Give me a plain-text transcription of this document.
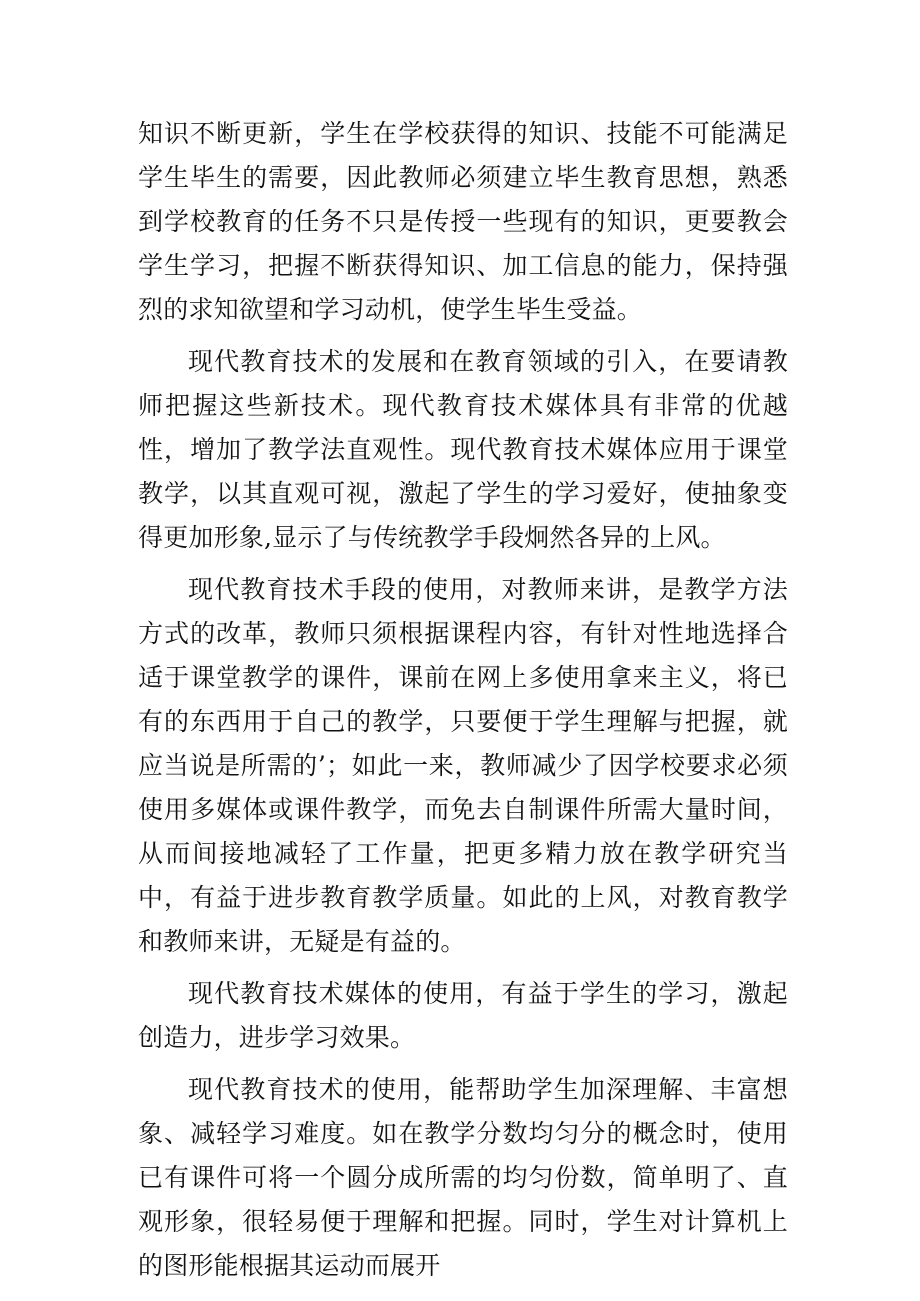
知识不断更新，学生在学校获得的知识、技能不可能满足学生毕生的需要，因此教师必须建立毕生教育思想，熟悉到学校教育的任务不只是传授一些现有的知识，更要教会学生学习，把握不断获得知识、加工信息的能力，保持强烈的求知欲望和学习动机，使学生毕生受益。

现代教育技术的发展和在教育领域的引入，在要请教师把握这些新技术。现代教育技术媒体具有非常的优越性，增加了教学法直观性。现代教育技术媒体应用于课堂教学，以其直观可视，激起了学生的学习爱好，使抽象变得更加形象,显示了与传统教学手段炯然各异的上风。

现代教育技术手段的使用，对教师来讲，是教学方法方式的改革，教师只须根据课程内容，有针对性地选择合适于课堂教学的课件，课前在网上多使用拿来主义，将已有的东西用于自己的教学，只要便于学生理解与把握，就应当说是所需的’；如此一来，教师减少了因学校要求必须使用多媒体或课件教学，而免去自制课件所需大量时间，从而间接地减轻了工作量，把更多精力放在教学研究当中，有益于进步教育教学质量。如此的上风，对教育教学和教师来讲，无疑是有益的。

现代教育技术媒体的使用，有益于学生的学习，激起创造力，进步学习效果。

现代教育技术的使用，能帮助学生加深理解、丰富想象、减轻学习难度。如在教学分数均匀分的概念时，使用已有课件可将一个圆分成所需的均匀份数，简单明了、直观形象，很轻易便于理解和把握。同时，学生对计算机上的图形能根据其运动而展开
